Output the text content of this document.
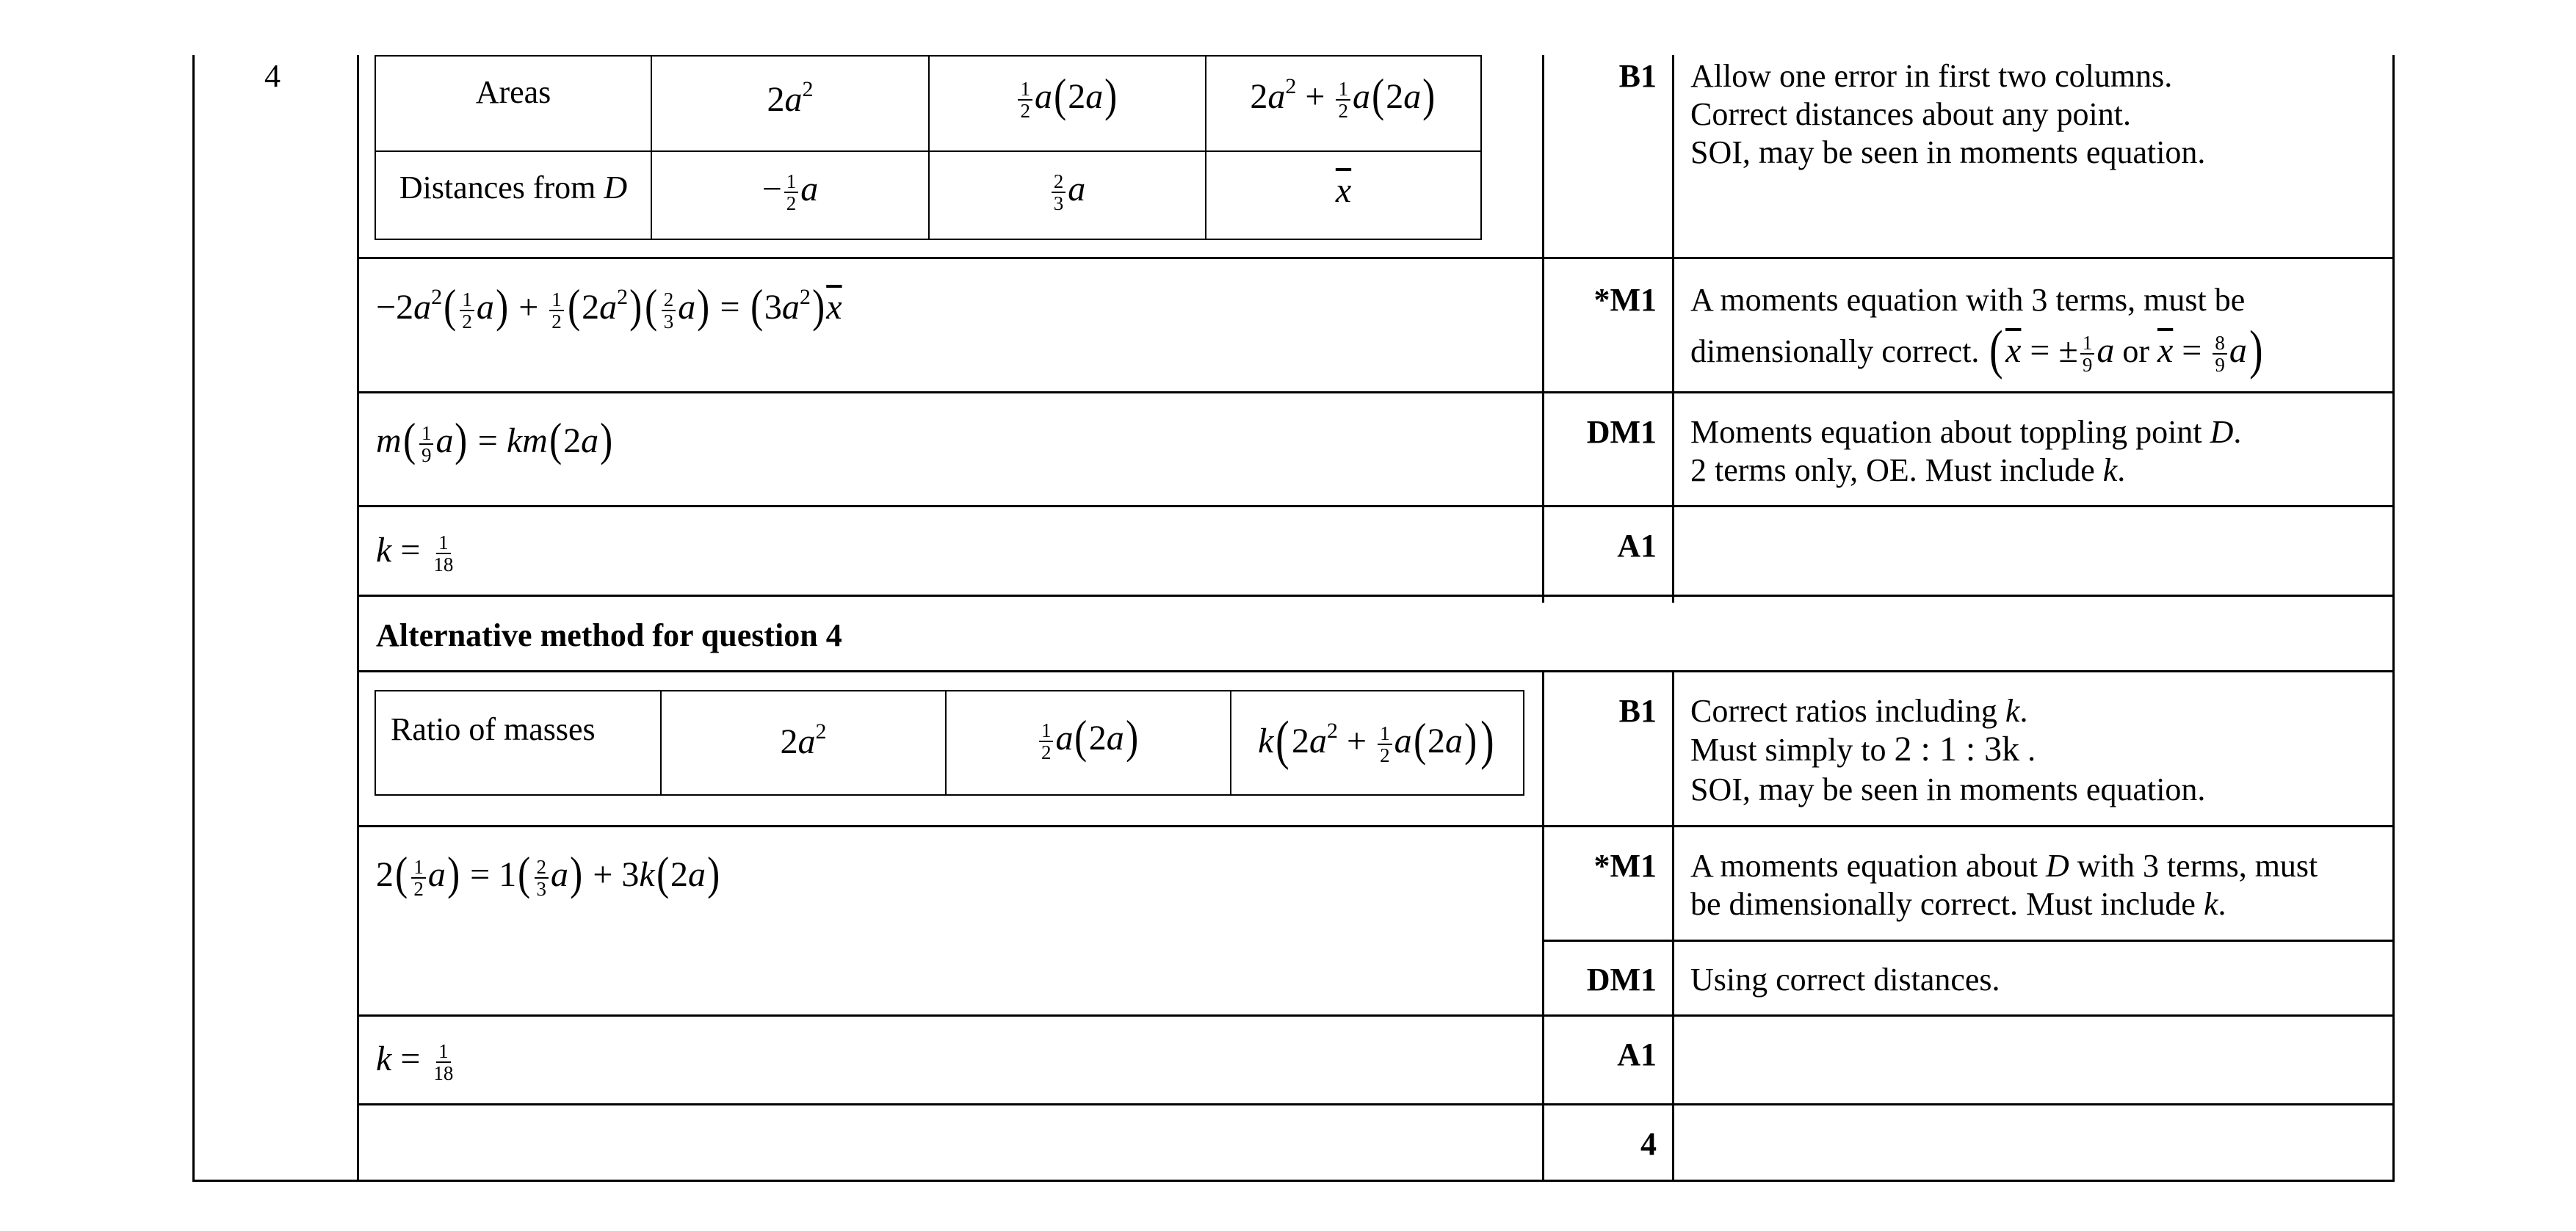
4	Areas	$2a^2$	$\frac{1}{2} a(2a)$	$2a^2 + \frac{1}{2} a(2a)$
Distances from D	− $\frac{1}{2}$ a	$\frac{2}{3}$ a	$\overline{x}$
B1 Allow one error in first two columns.
Correct distances about any point.
SOI, may be seen in moments equation.
$-2a^2( \frac{1}{2} a) + \frac{1}{2} (2a^2)( \frac{2}{3} a) = (3a^2)\overline{x}$	*M1 A moments equation with 3 terms, must be
dimensionally correct. ($\overline{x}$ = ± $\frac{1}{9}$ a or $\overline{x} = \frac{8}{9} a$)
$m( \frac{1}{9} a) = km(2a)$	DM1 Moments equation about toppling point D.
2 terms only, OE. Must include k.
$k = \frac{1}{18}$	A1
Alternative method for question 4
Ratio of masses	$2a^2$	$\frac{1}{2} a(2a)$	$k(2a^2 + \frac{1}{2} a(2a))$	B1 Correct ratios including k.
Must simply to 2 : 1 : 3k .
SOI, may be seen in moments equation.
$2( \frac{1}{2} a) = 1( \frac{2}{3} a) + 3k(2a)$	*M1 A moments equation about D with 3 terms, must
be dimensionally correct. Must include k.
DM1 Using correct distances.
$k = \frac{1}{18}$	A1
4
